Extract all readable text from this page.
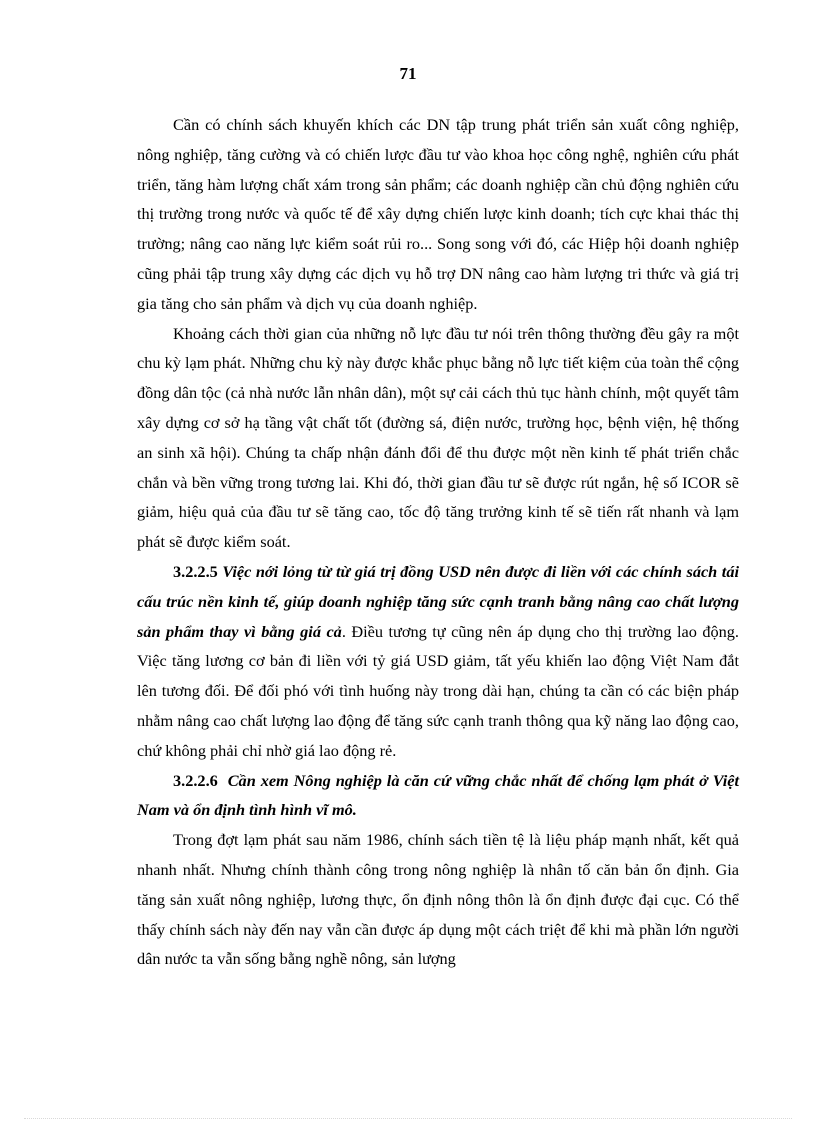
71

Cần có chính sách khuyến khích các DN tập trung phát triển sản xuất công nghiệp, nông nghiệp, tăng cường và có chiến lược đầu tư vào khoa học công nghệ, nghiên cứu phát triển, tăng hàm lượng chất xám trong sản phẩm; các doanh nghiệp cần chủ động nghiên cứu thị trường trong nước và quốc tế để xây dựng chiến lược kinh doanh; tích cực khai thác thị trường; nâng cao năng lực kiểm soát rủi ro... Song song với đó, các Hiệp hội doanh nghiệp cũng phải tập trung xây dựng các dịch vụ hỗ trợ DN nâng cao hàm lượng tri thức và giá trị gia tăng cho sản phẩm và dịch vụ của doanh nghiệp.

Khoảng cách thời gian của những nỗ lực đầu tư nói trên thông thường đều gây ra một chu kỳ lạm phát. Những chu kỳ này được khắc phục bằng nỗ lực tiết kiệm của toàn thể cộng đồng dân tộc (cả nhà nước lẫn nhân dân), một sự cải cách thủ tục hành chính, một quyết tâm xây dựng cơ sở hạ tầng vật chất tốt (đường sá, điện nước, trường học, bệnh viện, hệ thống an sinh xã hội). Chúng ta chấp nhận đánh đổi để thu được một nền kinh tế phát triển chắc chắn và bền vững trong tương lai. Khi đó, thời gian đầu tư sẽ được rút ngắn, hệ số ICOR sẽ giảm, hiệu quả của đầu tư sẽ tăng cao, tốc độ tăng trưởng kinh tế sẽ tiến rất nhanh và lạm phát sẽ được kiểm soát.

3.2.2.5 Việc nới lỏng từ từ giá trị đồng USD nên được đi liền với các chính sách tái cấu trúc nền kinh tế, giúp doanh nghiệp tăng sức cạnh tranh bằng nâng cao chất lượng sản phẩm thay vì bằng giá cả. Điều tương tự cũng nên áp dụng cho thị trường lao động. Việc tăng lương cơ bản đi liền với tỷ giá USD giảm, tất yếu khiến lao động Việt Nam đắt lên tương đối. Để đối phó với tình huống này trong dài hạn, chúng ta cần có các biện pháp nhằm nâng cao chất lượng lao động để tăng sức cạnh tranh thông qua kỹ năng lao động cao, chứ không phải chỉ nhờ giá lao động rẻ.

3.2.2.6 Cần xem Nông nghiệp là căn cứ vững chắc nhất để chống lạm phát ở Việt Nam và ổn định tình hình vĩ mô.

Trong đợt lạm phát sau năm 1986, chính sách tiền tệ là liệu pháp mạnh nhất, kết quả nhanh nhất. Nhưng chính thành công trong nông nghiệp là nhân tố căn bản ổn định. Gia tăng sản xuất nông nghiệp, lương thực, ổn định nông thôn là ổn định được đại cục. Có thể thấy chính sách này đến nay vẫn cần được áp dụng một cách triệt để khi mà phần lớn người dân nước ta vẫn sống bằng nghề nông, sản lượng
